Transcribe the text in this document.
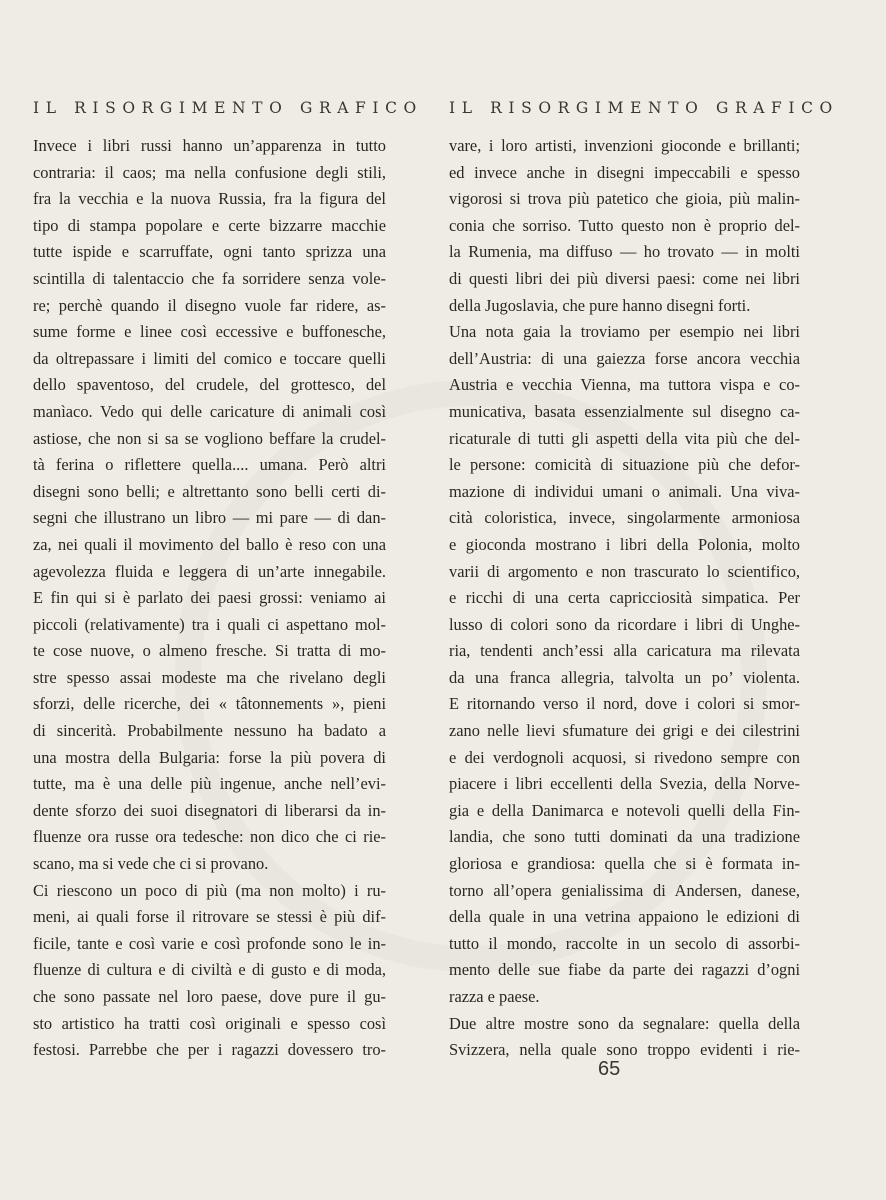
IL RISORGIMENTO GRAFICO
Invece i libri russi hanno un’apparenza in tutto
contraria: il caos; ma nella confusione degli stili,
fra la vecchia e la nuova Russia, fra la figura del
tipo di stampa popolare e certe bizzarre macchie
tutte ispide e scarruffate, ogni tanto sprizza una
scintilla di talentaccio che fa sorridere senza vole-
re; perchè quando il disegno vuole far ridere, as-
sume forme e linee così eccessive e buffonesche,
da oltrepassare i limiti del comico e toccare quelli
dello spaventoso, del crudele, del grottesco, del
manìaco. Vedo qui delle caricature di animali così
astiose, che non si sa se vogliono beffare la crudel-
tà ferina o riflettere quella.... umana. Però altri
disegni sono belli; e altrettanto sono belli certi di-
segni che illustrano un libro — mi pare — di dan-
za, nei quali il movimento del ballo è reso con una
agevolezza fluida e leggera di un’arte innegabile.
E fin qui si è parlato dei paesi grossi: veniamo ai
piccoli (relativamente) tra i quali ci aspettano mol-
te cose nuove, o almeno fresche. Si tratta di mo-
stre spesso assai modeste ma che rivelano degli
sforzi, delle ricerche, dei « tâtonnements », pieni
di sincerità. Probabilmente nessuno ha badato a
una mostra della Bulgaria: forse la più povera di
tutte, ma è una delle più ingenue, anche nell’evi-
dente sforzo dei suoi disegnatori di liberarsi da in-
fluenze ora russe ora tedesche: non dico che ci rie-
scano, ma si vede che ci si provano.
Ci riescono un poco di più (ma non molto) i ru-
meni, ai quali forse il ritrovare se stessi è più dif-
ficile, tante e così varie e così profonde sono le in-
fluenze di cultura e di civiltà e di gusto e di moda,
che sono passate nel loro paese, dove pure il gu-
sto artistico ha tratti così originali e spesso così
festosi. Parrebbe che per i ragazzi dovessero tro-
IL RISORGIMENTO GRAFICO
vare, i loro artisti, invenzioni gioconde e brillanti;
ed invece anche in disegni impeccabili e spesso
vigorosi si trova più patetico che gioia, più malin-
conia che sorriso. Tutto questo non è proprio del-
la Rumenia, ma diffuso — ho trovato — in molti
di questi libri dei più diversi paesi: come nei libri
della Jugoslavia, che pure hanno disegni forti.
Una nota gaia la troviamo per esempio nei libri
dell’Austria: di una gaiezza forse ancora vecchia
Austria e vecchia Vienna, ma tuttora vispa e co-
municativa, basata essenzialmente sul disegno ca-
ricaturale di tutti gli aspetti della vita più che del-
le persone: comicità di situazione più che defor-
mazione di individui umani o animali. Una viva-
cità coloristica, invece, singolarmente armoniosa
e gioconda mostrano i libri della Polonia, molto
varii di argomento e non trascurato lo scientifico,
e ricchi di una certa capricciosità simpatica. Per
lusso di colori sono da ricordare i libri di Unghe-
ria, tendenti anch’essi alla caricatura ma rilevata
da una franca allegria, talvolta un po’ violenta.
E ritornando verso il nord, dove i colori si smor-
zano nelle lievi sfumature dei grigi e dei cilestrini
e dei verdognoli acquosi, si rivedono sempre con
piacere i libri eccellenti della Svezia, della Norve-
gia e della Danimarca e notevoli quelli della Fin-
landia, che sono tutti dominati da una tradizione
gloriosa e grandiosa: quella che si è formata in-
torno all’opera genialissima di Andersen, danese,
della quale in una vetrina appaiono le edizioni di
tutto il mondo, raccolte in un secolo di assorbi-
mento delle sue fiabe da parte dei ragazzi d’ogni
razza e paese.
Due altre mostre sono da segnalare: quella della
Svizzera, nella quale sono troppo evidenti i rie-
65
